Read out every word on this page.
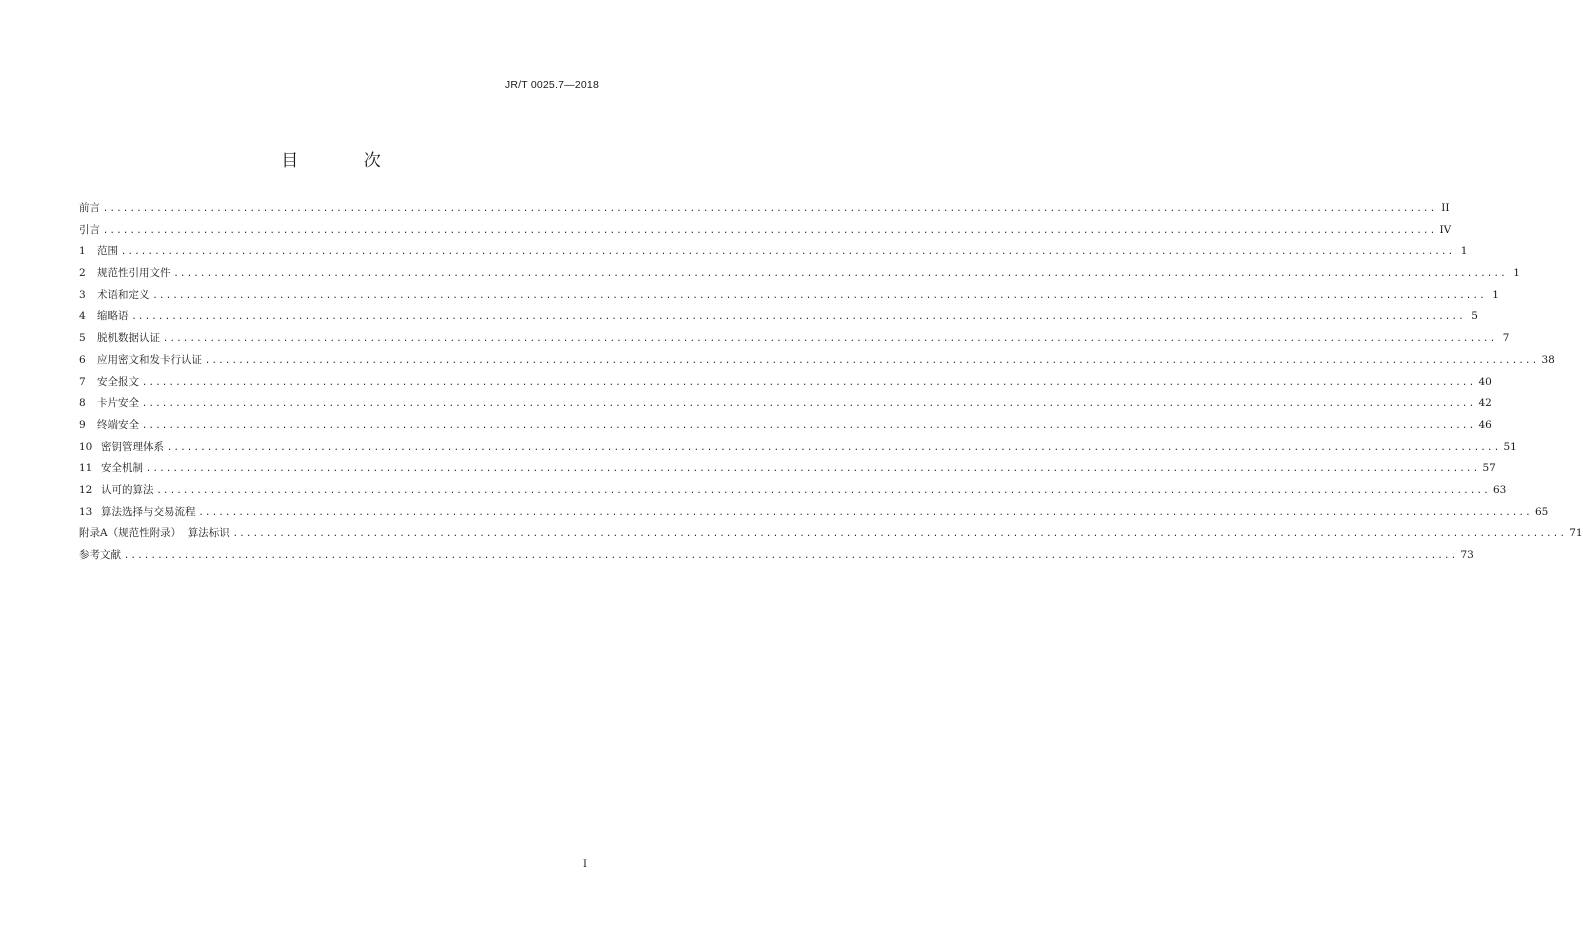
JR/T 0025.7—2018
目 次
前言 ........................................................................................................................................................................................................ II
引言 ........................................................................................................................................................................................................ IV
1	范围 ........................................................................................................................................................................................................ 1
2	规范性引用文件 ........................................................................................................................................................................................................ 1
3	术语和定义 ........................................................................................................................................................................................................ 1
4	缩略语 ........................................................................................................................................................................................................ 5
5	脱机数据认证 ........................................................................................................................................................................................................ 7
6	应用密文和发卡行认证 ........................................................................................................................................................................................................ 38
7	安全报文 ........................................................................................................................................................................................................ 40
8	卡片安全 ........................................................................................................................................................................................................ 42
9	终端安全 ........................................................................................................................................................................................................ 46
10 密钥管理体系 ........................................................................................................................................................................................................ 51
11 安全机制 ........................................................................................................................................................................................................ 57
12 认可的算法 ........................................................................................................................................................................................................ 63
13 算法选择与交易流程 ........................................................................................................................................................................................................ 65
附录A（规范性附录）  算法标识 ........................................................................................................................................................................................................ 71
参考文献 ........................................................................................................................................................................................................ 73
I
